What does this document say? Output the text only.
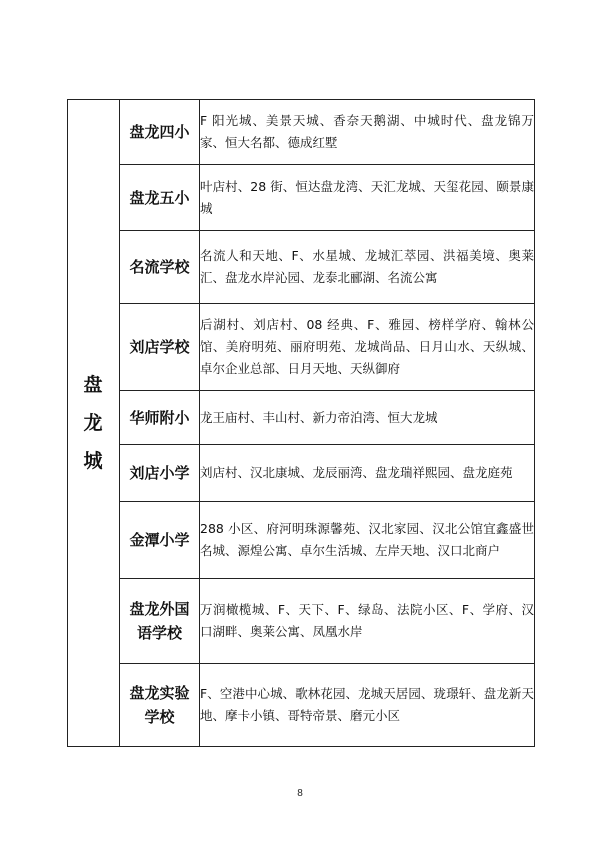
盘龙城	盘龙四小	F 阳光城、美景天城、香奈天鹅湖、中城时代、盘龙锦万家、恒大名都、德成红墅
	盘龙五小	叶店村、28 街、恒达盘龙湾、天汇龙城、天玺花园、颐景康城
	名流学校	名流人和天地、F、水星城、龙城汇萃园、洪福美境、奥莱汇、盘龙水岸沁园、龙泰北郦湖、名流公寓
	刘店学校	后湖村、刘店村、08 经典、F、雅园、榜样学府、翰林公馆、美府明苑、丽府明苑、龙城尚品、日月山水、天纵城、卓尔企业总部、日月天地、天纵御府
	华师附小	龙王庙村、丰山村、新力帝泊湾、恒大龙城
	刘店小学	刘店村、汉北康城、龙辰丽湾、盘龙瑞祥熙园、盘龙庭苑
	金潭小学	288 小区、府河明珠源馨苑、汉北家园、汉北公馆宜鑫盛世名城、源煌公寓、卓尔生活城、左岸天地、汉口北商户
	盘龙外国语学校	万润橄榄城、F、天下、F、绿岛、法院小区、F、学府、汉口湖畔、奥莱公寓、凤凰水岸
	盘龙实验学校	F、空港中心城、歌林花园、龙城天居园、珑璟轩、盘龙新天地、摩卡小镇、哥特帝景、磨元小区
8
